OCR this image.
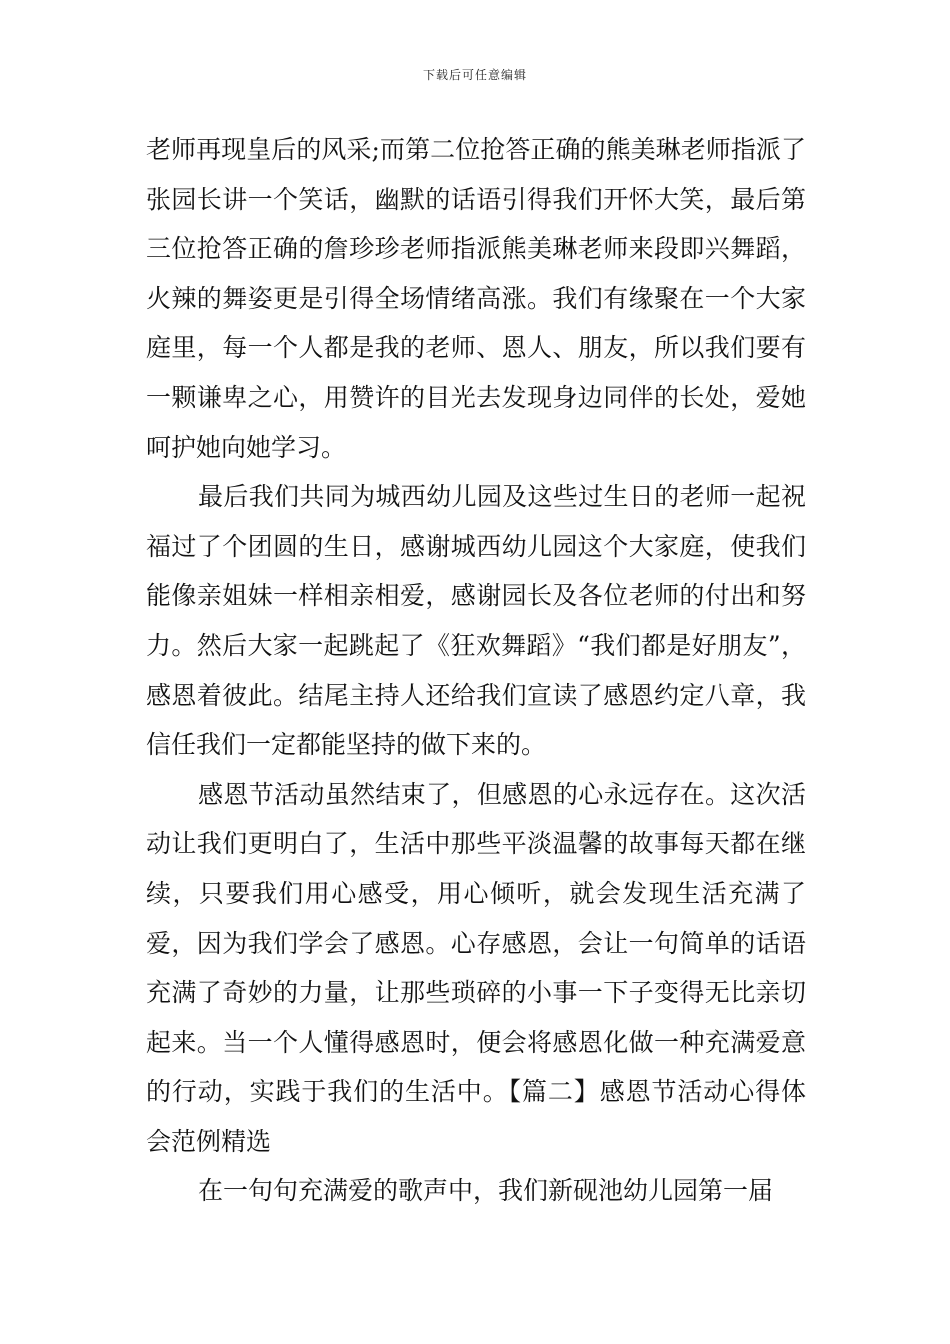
下载后可任意编辑

老师再现皇后的风采;而第二位抢答正确的熊美琳老师指派了张园长讲一个笑话，幽默的话语引得我们开怀大笑，最后第三位抢答正确的詹珍珍老师指派熊美琳老师来段即兴舞蹈，火辣的舞姿更是引得全场情绪高涨。我们有缘聚在一个大家庭里，每一个人都是我的老师、恩人、朋友，所以我们要有一颗谦卑之心，用赞许的目光去发现身边同伴的长处，爱她呵护她向她学习。

最后我们共同为城西幼儿园及这些过生日的老师一起祝福过了个团圆的生日，感谢城西幼儿园这个大家庭，使我们能像亲姐妹一样相亲相爱，感谢园长及各位老师的付出和努力。然后大家一起跳起了《狂欢舞蹈》“我们都是好朋友”，感恩着彼此。结尾主持人还给我们宣读了感恩约定八章，我信任我们一定都能坚持的做下来的。

感恩节活动虽然结束了，但感恩的心永远存在。这次活动让我们更明白了，生活中那些平淡温馨的故事每天都在继续，只要我们用心感受，用心倾听，就会发现生活充满了爱，因为我们学会了感恩。心存感恩，会让一句简单的话语充满了奇妙的力量，让那些琐碎的小事一下子变得无比亲切起来。当一个人懂得感恩时，便会将感恩化做一种充满爱意的行动，实践于我们的生活中。【篇二】感恩节活动心得体会范例精选

在一句句充满爱的歌声中，我们新砚池幼儿园第一届
